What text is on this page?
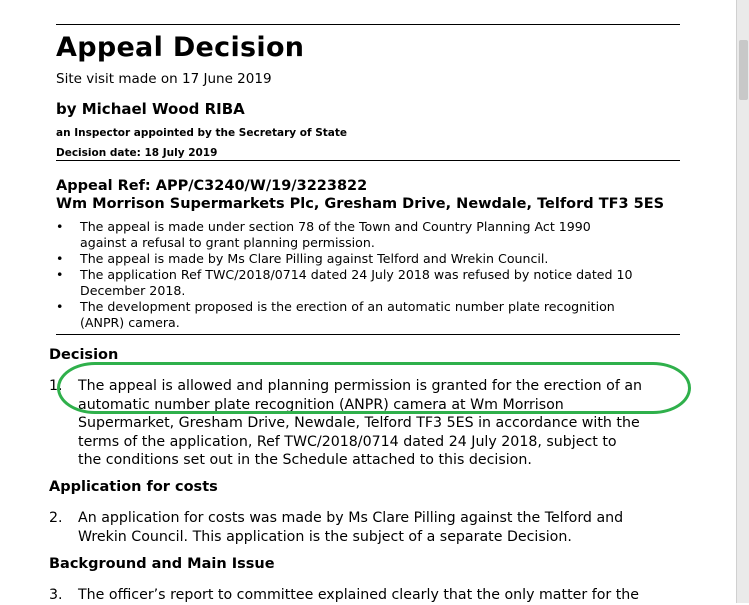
Appeal Decision
Site visit made on 17 June 2019
by Michael Wood RIBA
an Inspector appointed by the Secretary of State
Decision date: 18 July 2019
Appeal Ref: APP/C3240/W/19/3223822
Wm Morrison Supermarkets Plc, Gresham Drive, Newdale, Telford TF3 5ES
• The appeal is made under section 78 of the Town and Country Planning Act 1990
against a refusal to grant planning permission.
• The appeal is made by Ms Clare Pilling against Telford and Wrekin Council.
• The application Ref TWC/2018/0714 dated 24 July 2018 was refused by notice dated 10
December 2018.
• The development proposed is the erection of an automatic number plate recognition
(ANPR) camera.
Decision
1. The appeal is allowed and planning permission is granted for the erection of an
automatic number plate recognition (ANPR) camera at Wm Morrison
Supermarket, Gresham Drive, Newdale, Telford TF3 5ES in accordance with the
terms of the application, Ref TWC/2018/0714 dated 24 July 2018, subject to
the conditions set out in the Schedule attached to this decision.
Application for costs
2. An application for costs was made by Ms Clare Pilling against the Telford and
Wrekin Council. This application is the subject of a separate Decision.
Background and Main Issue
3. The officer’s report to committee explained clearly that the only matter for the
